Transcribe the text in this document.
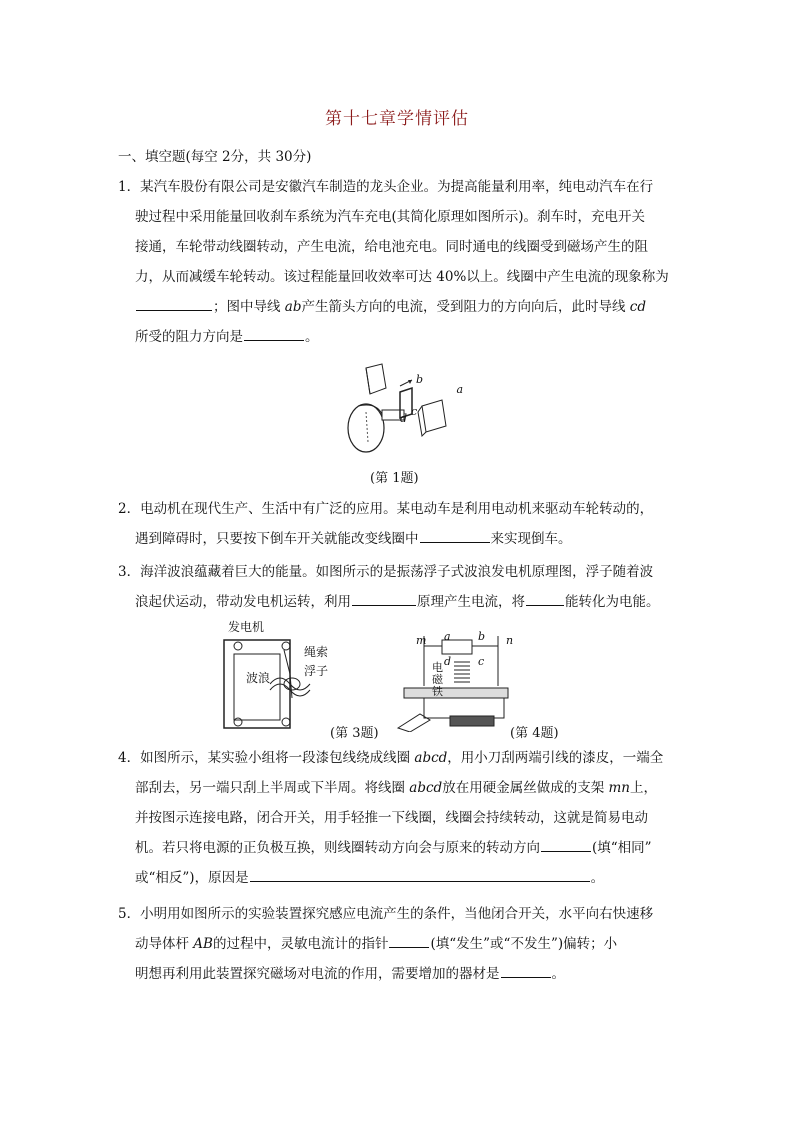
第十七章学情评估
一、填空题(每空 2分，共 30分)
1．某汽车股份有限公司是安徽汽车制造的龙头企业。为提高能量利用率，纯电动汽车在行
驶过程中采用能量回收刹车系统为汽车充电(其简化原理如图所示)。刹车时，充电开关
接通，车轮带动线圈转动，产生电流，给电池充电。同时通电的线圈受到磁场产生的阻
力，从而减缓车轮转动。该过程能量回收效率可达 40%以上。线圈中产生电流的现象称为
；图中导线 ab产生箭头方向的电流，受到阻力的方向向后，此时导线 cd
所受的阻力方向是	。
a
b
c
d
(第 1题)
2．电动机在现代生产、生活中有广泛的应用。某电动车是利用电动机来驱动车轮转动的，
遇到障碍时，只要按下倒车开关就能改变线圈中	来实现倒车。
3．海洋波浪蕴藏着巨大的能量。如图所示的是振荡浮子式波浪发电机原理图，浮子随着波
浪起伏运动，带动发电机运转，利用	原理产生电流，将	能转化为电能。
发电机
绳索
波浪	浮子
(第 3题)
m	n
a b
c
d
电
磁
铁
(第 4题)
4．如图所示，某实验小组将一段漆包线绕成线圈 abcd，用小刀刮两端引线的漆皮，一端全
部刮去，另一端只刮上半周或下半周。将线圈 abcd放在用硬金属丝做成的支架 mn上，
并按图示连接电路，闭合开关，用手轻推一下线圈，线圈会持续转动，这就是简易电动
机。若只将电源的正负极互换，则线圈转动方向会与原来的转动方向	(填“相同”
或“相反”)，原因是	。
5．小明用如图所示的实验装置探究感应电流产生的条件，当他闭合开关，水平向右快速移
动导体杆 AB的过程中，灵敏电流计的指针	(填“发生”或“不发生”)偏转；小
明想再利用此装置探究磁场对电流的作用，需要增加的器材是	。
